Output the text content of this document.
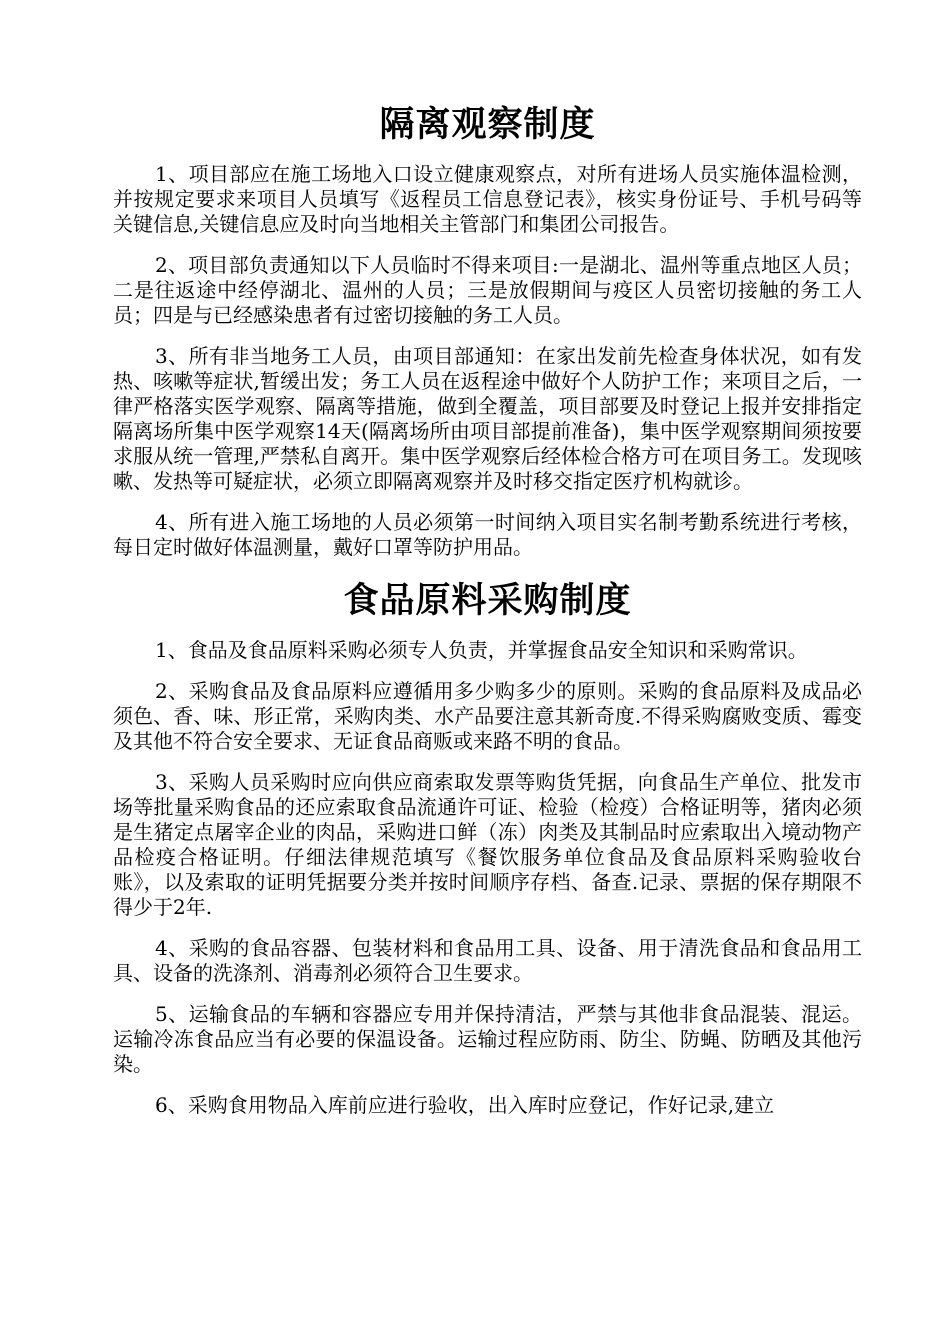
隔离观察制度

1、项目部应在施工场地入口设立健康观察点，对所有进场人员实施体温检测，并按规定要求来项目人员填写《返程员工信息登记表》，核实身份证号、手机号码等关键信息,关键信息应及时向当地相关主管部门和集团公司报告。

2、项目部负责通知以下人员临时不得来项目:一是湖北、温州等重点地区人员；二是往返途中经停湖北、温州的人员；三是放假期间与疫区人员密切接触的务工人员；四是与已经感染患者有过密切接触的务工人员。

3、所有非当地务工人员，由项目部通知：在家出发前先检查身体状况，如有发热、咳嗽等症状,暂缓出发；务工人员在返程途中做好个人防护工作；来项目之后，一律严格落实医学观察、隔离等措施，做到全覆盖，项目部要及时登记上报并安排指定隔离场所集中医学观察14天(隔离场所由项目部提前准备)，集中医学观察期间须按要求服从统一管理,严禁私自离开。集中医学观察后经体检合格方可在项目务工。发现咳嗽、发热等可疑症状，必须立即隔离观察并及时移交指定医疗机构就诊。

4、所有进入施工场地的人员必须第一时间纳入项目实名制考勤系统进行考核，每日定时做好体温测量，戴好口罩等防护用品。

食品原料采购制度

1、食品及食品原料采购必须专人负责，并掌握食品安全知识和采购常识。

2、采购食品及食品原料应遵循用多少购多少的原则。采购的食品原料及成品必须色、香、味、形正常，采购肉类、水产品要注意其新奇度.不得采购腐败变质、霉变及其他不符合安全要求、无证食品商贩或来路不明的食品。

3、采购人员采购时应向供应商索取发票等购货凭据，向食品生产单位、批发市场等批量采购食品的还应索取食品流通许可证、检验（检疫）合格证明等，猪肉必须是生猪定点屠宰企业的肉品，采购进口鲜（冻）肉类及其制品时应索取出入境动物产品检疫合格证明。仔细法律规范填写《餐饮服务单位食品及食品原料采购验收台账》，以及索取的证明凭据要分类并按时间顺序存档、备查.记录、票据的保存期限不得少于2年.

4、采购的食品容器、包装材料和食品用工具、设备、用于清洗食品和食品用工具、设备的洗涤剂、消毒剂必须符合卫生要求。

5、运输食品的车辆和容器应专用并保持清洁，严禁与其他非食品混装、混运。运输冷冻食品应当有必要的保温设备。运输过程应防雨、防尘、防蝇、防晒及其他污染。

6、采购食用物品入库前应进行验收，出入库时应登记，作好记录,建立
